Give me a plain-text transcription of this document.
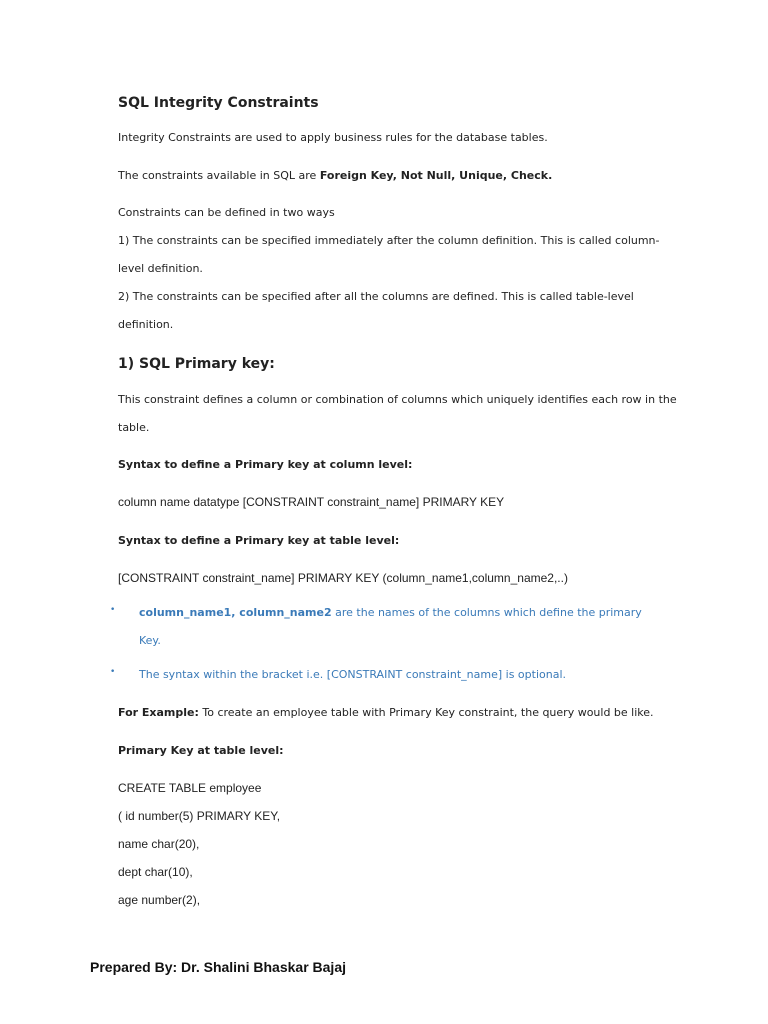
SQL Integrity Constraints
Integrity Constraints are used to apply business rules for the database tables.
The constraints available in SQL are Foreign Key, Not Null, Unique, Check.
Constraints can be defined in two ways
1) The constraints can be specified immediately after the column definition. This is called column-
level definition.
2) The constraints can be specified after all the columns are defined. This is called table-level
definition.
1) SQL Primary key:
This constraint defines a column or combination of columns which uniquely identifies each row in the
table.
Syntax to define a Primary key at column level:
column name datatype [CONSTRAINT constraint_name] PRIMARY KEY
Syntax to define a Primary key at table level:
[CONSTRAINT constraint_name] PRIMARY KEY (column_name1,column_name2,..)
• column_name1, column_name2 are the names of the columns which define the primary
Key.
• The syntax within the bracket i.e. [CONSTRAINT constraint_name] is optional.
For Example: To create an employee table with Primary Key constraint, the query would be like.
Primary Key at table level:
CREATE TABLE employee
( id number(5) PRIMARY KEY,
name char(20),
dept char(10),
age number(2),
Prepared By: Dr. Shalini Bhaskar Bajaj
